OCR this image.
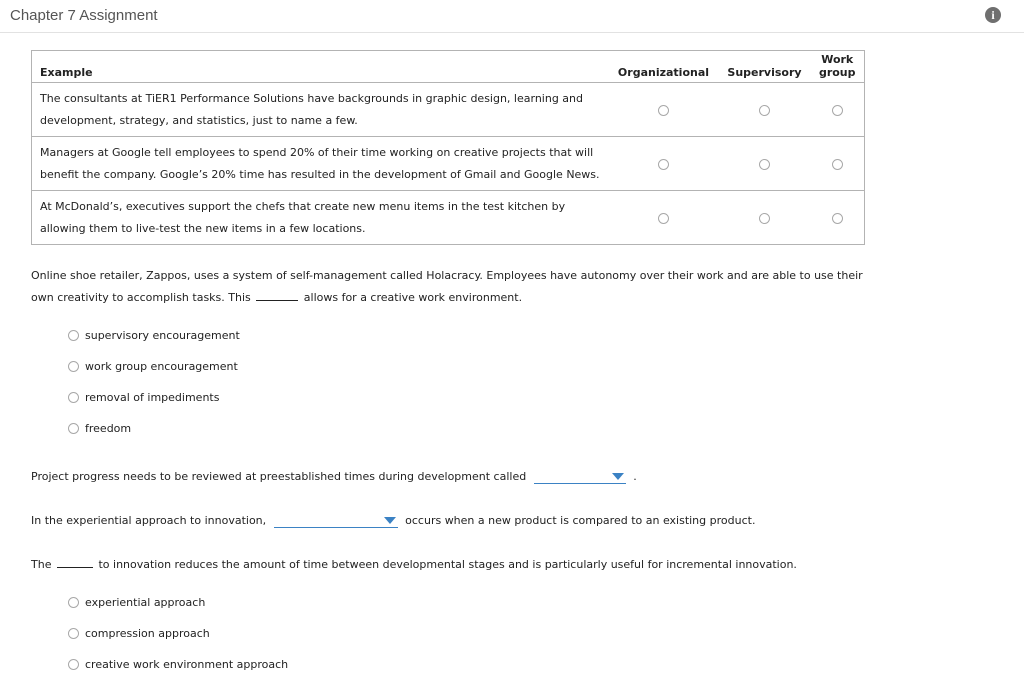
Chapter 7 Assignment	i
Example	Organizational	Supervisory	Work
group
The consultants at TiER1 Performance Solutions have backgrounds in graphic design, learning and
development, strategy, and statistics, just to name a few.			
Managers at Google tell employees to spend 20% of their time working on creative projects that will
benefit the company. Google’s 20% time has resulted in the development of Gmail and Google News.			
At McDonald’s, executives support the chefs that create new menu items in the test kitchen by
allowing them to live-test the new items in a few locations.			
Online shoe retailer, Zappos, uses a system of self-management called Holacracy. Employees have autonomy over their work and are able to use their
own creativity to accomplish tasks. This	allows for a creative work environment.
supervisory encouragement
work group encouragement
removal of impediments
freedom
Project progress needs to be reviewed at preestablished times during development called	.
In the experiential approach to innovation,	occurs when a new product is compared to an existing product.
The	to innovation reduces the amount of time between developmental stages and is particularly useful for incremental innovation.
experiential approach
compression approach
creative work environment approach
